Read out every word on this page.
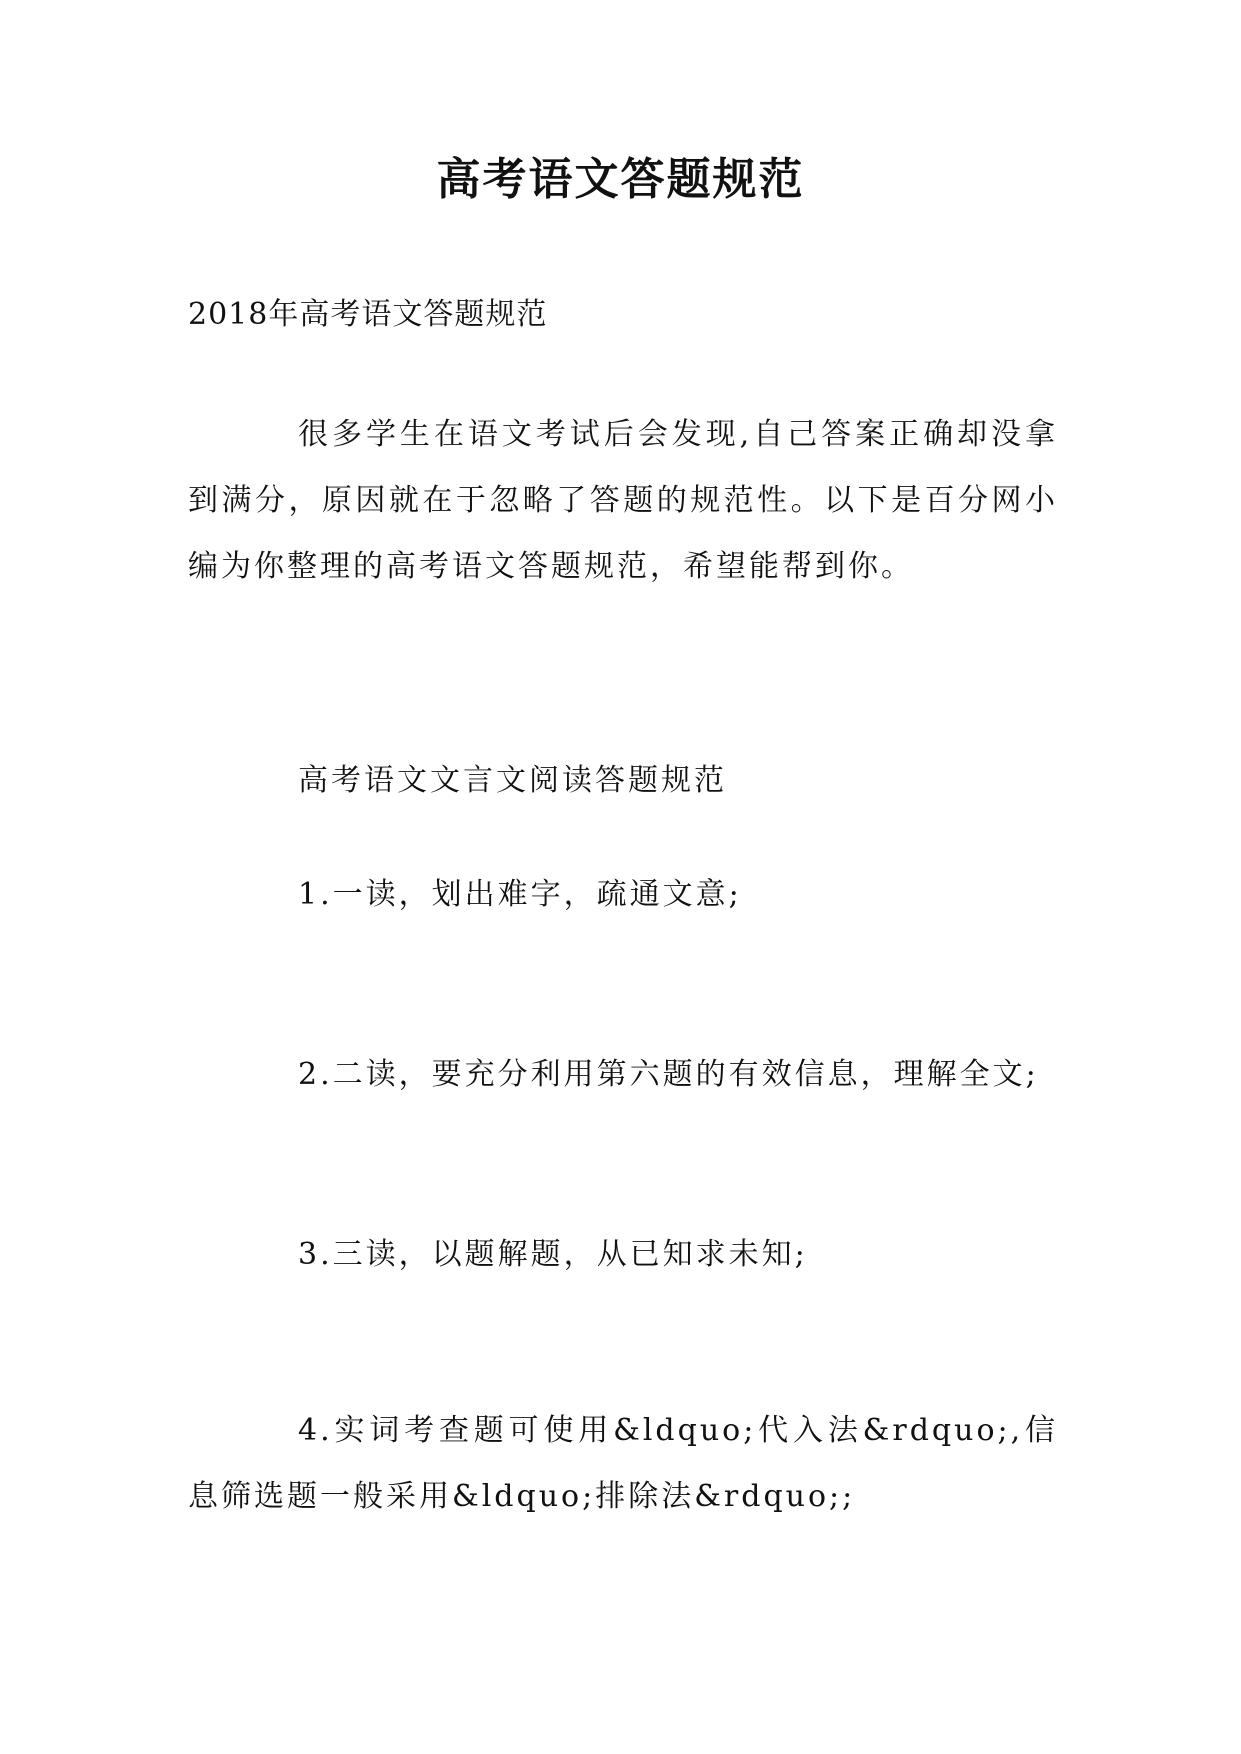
高考语文答题规范

2018年高考语文答题规范

很多学生在语文考试后会发现,自己答案正确却没拿到满分，原因就在于忽略了答题的规范性。以下是百分网小编为你整理的高考语文答题规范，希望能帮到你。

高考语文文言文阅读答题规范

1.一读，划出难字，疏通文意;

2.二读，要充分利用第六题的有效信息，理解全文;

3.三读，以题解题，从已知求未知;

4.实词考查题可使用&ldquo;代入法&rdquo;,信息筛选题一般采用&ldquo;排除法&rdquo;;
